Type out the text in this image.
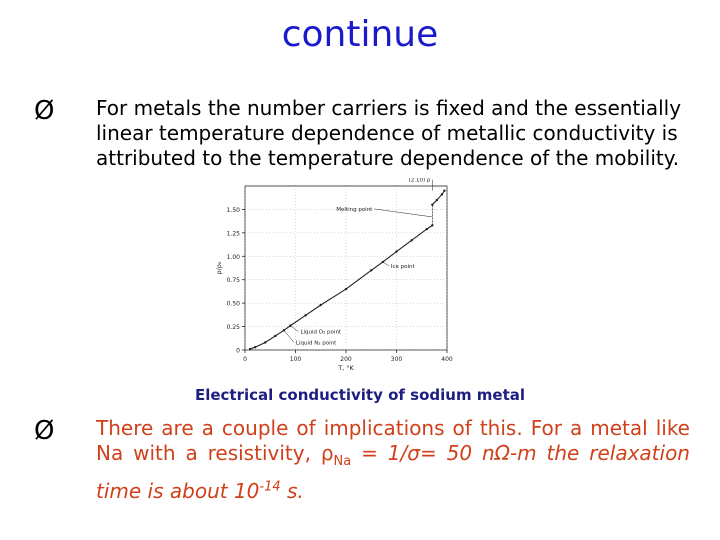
continue
Ø	For metals the number carriers is fixed and the essentially linear temperature dependence of metallic conductivity is attributed to the temperature dependence of the mobility.
0
0.25
0.50
0.75
1.00
1.25
1.50
0	100	200	300	400
T, °K
ρ/ρ₀
Melting point
(2.10) ρ
Ice point
Liquid O₂ point
Liquid N₂ point
Electrical conductivity of sodium metal
Ø	There are a couple of implications of this. For a metal like Na with a resistivity, $\rho_{Na} = 1/\sigma= 50$ nΩ-m the relaxation time is about $10^{-14}$ s.
